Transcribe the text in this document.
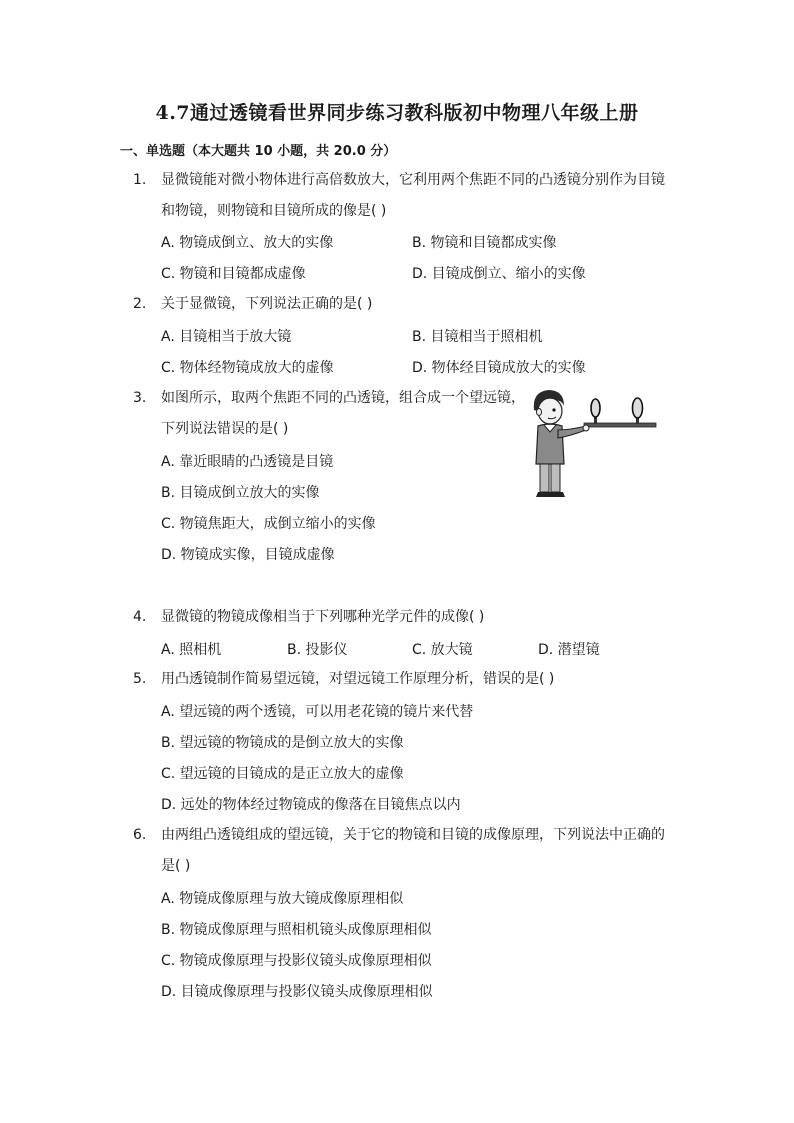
4.7通过透镜看世界同步练习教科版初中物理八年级上册
一、单选题（本大题共 10 小题，共 20.0 分）
1.	显微镜能对微小物体进行高倍数放大，它利用两个焦距不同的凸透镜分别作为目镜和物镜，则物镜和目镜所成的像是( )
A. 物镜成倒立、放大的实像	B. 物镜和目镜都成实像
C. 物镜和目镜都成虚像	D. 目镜成倒立、缩小的实像
2.	关于显微镜，下列说法正确的是( )
A. 目镜相当于放大镜	B. 目镜相当于照相机
C. 物体经物镜成放大的虚像	D. 物体经目镜成放大的实像
3.	如图所示，取两个焦距不同的凸透镜，组合成一个望远镜，下列说法错误的是( )
A. 靠近眼睛的凸透镜是目镜
B. 目镜成倒立放大的实像
C. 物镜焦距大，成倒立缩小的实像
D. 物镜成实像，目镜成虚像
4.	显微镜的物镜成像相当于下列哪种光学元件的成像( )
A. 照相机	B. 投影仪	C. 放大镜	D. 潜望镜
5.	用凸透镜制作简易望远镜，对望远镜工作原理分析，错误的是( )
A. 望远镜的两个透镜，可以用老花镜的镜片来代替
B. 望远镜的物镜成的是倒立放大的实像
C. 望远镜的目镜成的是正立放大的虚像
D. 远处的物体经过物镜成的像落在目镜焦点以内
6.	由两组凸透镜组成的望远镜，关于它的物镜和目镜的成像原理，下列说法中正确的是( )
A. 物镜成像原理与放大镜成像原理相似
B. 物镜成像原理与照相机镜头成像原理相似
C. 物镜成像原理与投影仪镜头成像原理相似
D. 目镜成像原理与投影仪镜头成像原理相似
